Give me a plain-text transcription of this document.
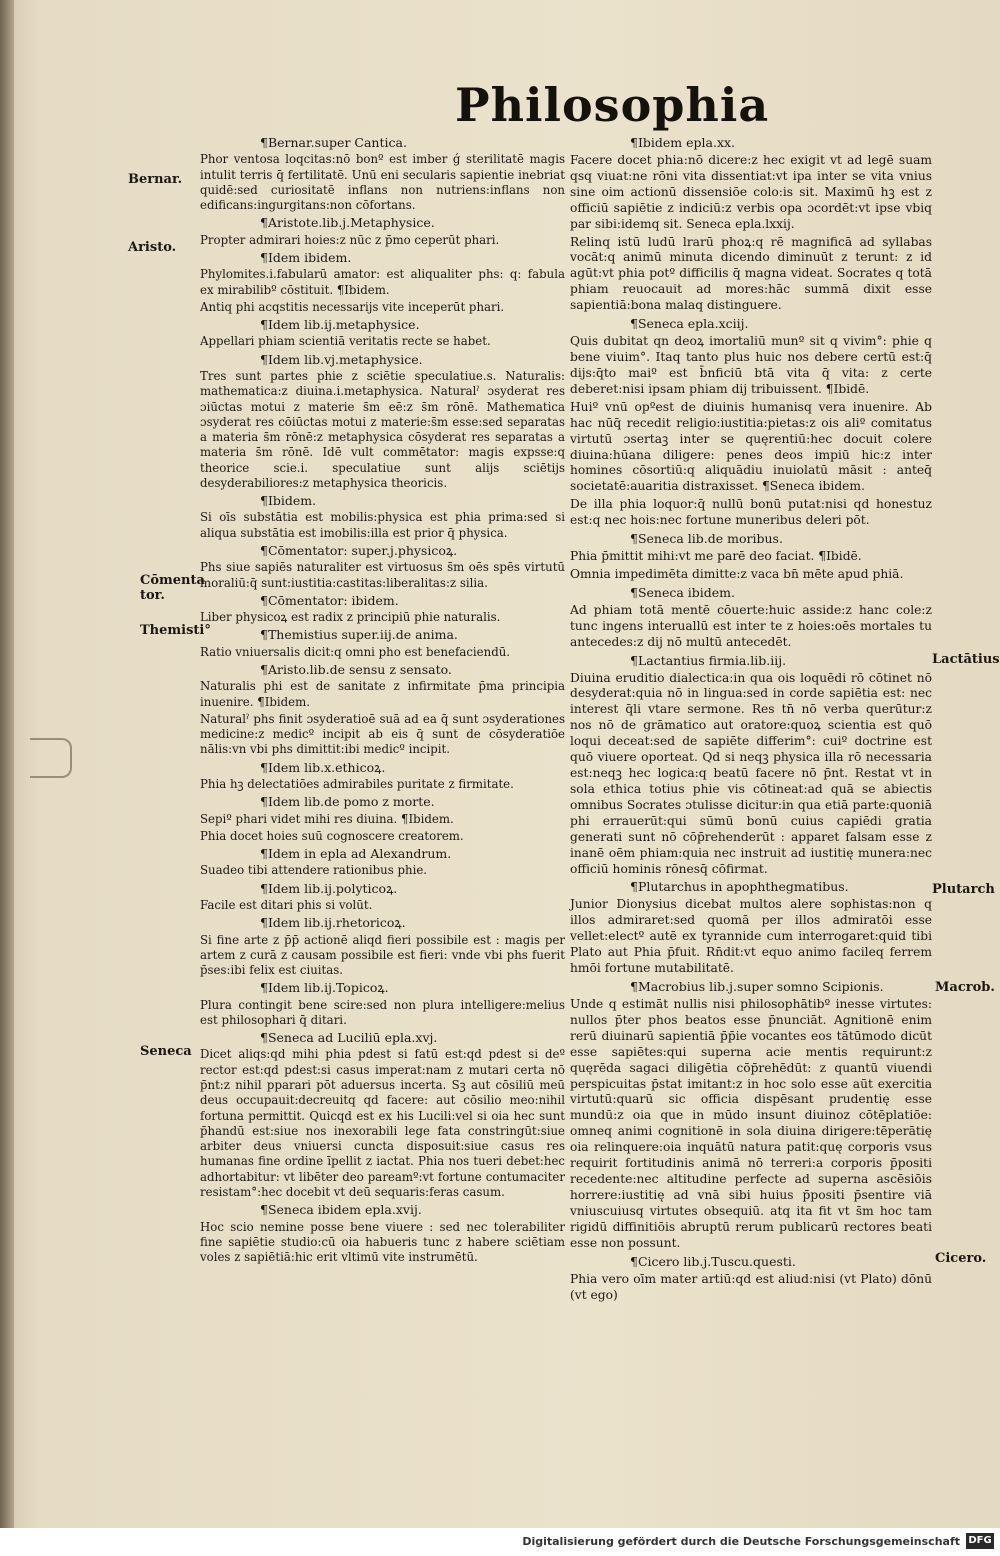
Philosophia
Bernar.
Aristo.
Cōmenta tor.
Themisti°
Seneca
Lactātius
Plutarch
Macrob.
Cicero.

¶Bernar.super Cantica.

Phor ventosa loqcitas:nō bonº est imber ǵ sterilitatē magis intulit terris q̄ fertilitatē. Unū eni secularis sapientie inebriat quidē:sed curiositatē inflans non nutriens:inflans non edificans:ingurgitans:non cōfortans.

¶Aristote.lib.j.Metaphysice.

Propter admirari hoies:z nūc z p̄mo ceperūt phari.

¶Idem ibidem.

Phylomites.i.fabularū amator: est aliqualiter phs: q: fabula ex mirabilibº cōstituit. ¶Ibidem.

Antiq phi acqstitis necessarijs vite inceperūt phari.

¶Idem lib.ij.metaphysice.

Appellari phiam scientiā veritatis recte se habet.

¶Idem lib.vj.metaphysice.

Tres sunt partes phie z sciētie speculatiue.s. Naturalis: mathematica:z diuina.i.metaphysica. Naturalˀ ɔsyderat res ɔiūctas motui z materie s̄m eē:z s̄m rōnē. Mathematica ɔsyderat res cōiūctas motui z materie:s̄m esse:sed separatas a materia s̄m rōnē:z metaphysica cōsyderat res separatas a materia s̄m rōnē. Idē vult commētator: magis expsse:q theorice scie.i. speculatiue sunt alijs sciētijs desyderabiliores:z metaphysica theoricis.

¶Ibidem.

Si oīs substātia est mobilis:physica est phia prima:sed si aliqua substātia est imobilis:illa est prior q̄ physica.

¶Cōmentator: super.j.physicoꝝ.

Phs siue sapiēs naturaliter est virtuosus s̄m oēs spēs virtutū moraliū:q̄ sunt:iustitia:castitas:liberalitas:z silia.

¶Cōmentator: ibidem.

Liber physicoꝝ est radix z principiū phie naturalis.

¶Themistius super.iij.de anima.

Ratio vniuersalis dicit:q omni pho est benefaciendū.

¶Aristo.lib.de sensu z sensato.

Naturalis phi est de sanitate z infirmitate p̄ma principia inuenire. ¶Ibidem.

Naturalˀ phs finit ɔsyderatioē suā ad ea q̄ sunt ɔsyderationes medicine:z medicº incipit ab eis q̄ sunt de cōsyderatiōe nālis:vn vbi phs dimittit:ibi medicº incipit.

¶Idem lib.x.ethicoꝝ.

Phia hꝫ delectatiōes admirabiles puritate z firmitate.

¶Idem lib.de pomo z morte.

Sepiº phari videt mihi res diuina. ¶Ibidem.

Phia docet hoies suū cognoscere creatorem.

¶Idem in epla ad Alexandrum.

Suadeo tibi attendere rationibus phie.

¶Idem lib.ij.polyticoꝝ.

Facile est ditari phis si volūt.

¶Idem lib.ij.rhetoricoꝝ.

Si fine arte z p̄p̄ actionē aliqd fieri possibile est : magis per artem z curā z causam possibile est fieri: vnde vbi phs fuerit p̄ses:ibi felix est ciuitas.

¶Idem lib.ij.Topicoꝝ.

Plura contingit bene scire:sed non plura intelligere:melius est philosophari q̄ ditari.

¶Seneca ad Luciliū epla.xvj.

Dicet aliqs:qd mihi phia pdest si fatū est:qd pdest si deº rector est:qd pdest:si casus imperat:nam z mutari certa nō p̄nt:z nihil pparari pōt aduersus incerta. Sꝫ aut cōsiliū meū deus occupauit:decreuitq qd facere: aut cōsilio meo:nihil fortuna permittit. Quicqd est ex his Lucili:vel si oia hec sunt p̄handū est:siue nos inexorabili lege fata constringūt:siue arbiter deus vniuersi cuncta disposuit:siue casus res humanas fine ordine īpellit z iactat. Phia nos tueri debet:hec adhortabitur: vt libēter deo pareamº:vt fortune contumaciter resistam°:hec docebit vt deū sequaris:feras casum.

¶Seneca ibidem epla.xvij.

Hoc scio nemine posse bene viuere : sed nec tolerabiliter fine sapiētie studio:cū oia habueris tunc z habere sciētiam voles z sapiētiā:hic erit vltimū vite instrumētū.

¶Ibidem epla.xx.

Facere docet phia:nō dicere:z hec exigit vt ad legē suam qsq viuat:ne rōni vita dissentiat:vt ipa inter se vita vnius sine oim actionū dissensiōe colo:is sit. Maximū hꝫ est z officiū sapiētie z indiciū:z verbis opa ɔcordēt:vt ipse vbiq par sibi:idemq sit. Seneca epla.lxxij.

Relinq istū ludū lrarū phoꝝ:q rē magnificā ad syllabas vocāt:q animū minuta dicendo diminuūt z terunt: z id agūt:vt phia potº difficilis q̄ magna videat. Socrates q totā phiam reuocauit ad mores:hāc summā dixit esse sapientiā:bona malaq distinguere.

¶Seneca epla.xciij.

Quis dubitat qn deoꝝ imortaliū munº sit q vivim°: phie q bene viuim°. Itaq tanto plus huic nos debere certū est:q̄ dijs:q̄to maiº est b̄nficiū btā vita q̄ vita: z certe deberet:nisi ipsam phiam dij tribuissent. ¶Ibidē.

Huiº vnū opºest de diuinis humanisq vera inuenire. Ab hac nūq̄ recedit religio:iustitia:pietas:z ois aliº comitatus virtutū ɔsertaꝫ inter se quęrentiū:hec docuit colere diuina:hūana diligere: penes deos impiū hic:z inter homines cōsortiū:q aliquādiu inuiolatū māsit : anteq̄ societatē:auaritia distraxisset. ¶Seneca ibidem.

De illa phia loquor:q̄ nullū bonū putat:nisi qd honestuz est:q nec hois:nec fortune muneribus deleri pōt.

¶Seneca lib.de moribus.

Phia p̄mittit mihi:vt me parē deo faciat. ¶Ibidē.

Omnia impedimēta dimitte:z vaca bn̄ mēte apud phiā.

¶Seneca ibidem.

Ad phiam totā mentē cōuerte:huic asside:z hanc cole:z tunc ingens interuallū est inter te z hoies:oēs mortales tu antecedes:z dij nō multū antecedēt.

¶Lactantius firmia.lib.iij.

Diuina eruditio dialectica:in qua ois loquēdi rō cōtinet nō desyderat:quia nō in lingua:sed in corde sapiētia est: nec interest q̄li vtare sermone. Res tn̄ nō verba querūtur:z nos nō de grāmatico aut oratore:quoꝝ scientia est quō loqui deceat:sed de sapiēte differim°: cuiº doctrine est quō viuere oporteat. Qd si neqꝫ physica illa rō necessaria est:neqꝫ hec logica:q beatū facere nō p̄nt. Restat vt in sola ethica totius phie vis cōtineat:ad quā se abiectis omnibus Socrates ɔtulisse dicitur:in qua etiā parte:quoniā phi errauerūt:qui sūmū bonū cuius capiēdi gratia generati sunt nō cōp̄rehenderūt : apparet falsam esse z inanē oēm phiam:quia nec instruit ad iustitię munera:nec officiū hominis rōnesq̄ cōfirmat.

¶Plutarchus in apophthegmatibus.

Junior Dionysius dicebat multos alere sophistas:non q illos admiraret:sed quomā per illos admiratōi esse vellet:electº autē ex tyrannide cum interrogaret:quid tibi Plato aut Phia p̄fuit. Rn̄dit:vt equo animo facileq ferrem hmōi fortune mutabilitatē.

¶Macrobius lib.j.super somno Scipionis.

Unde q estimāt nullis nisi philosophātibº inesse virtutes: nullos p̄ter phos beatos esse p̄nunciāt. Agnitionē enim rerū diuinarū sapientiā p̄p̄ie vocantes eos tātūmodo dicūt esse sapiētes:qui superna acie mentis requirunt:z quęrēda sagaci diligētia cōp̄rehēdūt: z quantū viuendi perspicuitas p̄stat imitant:z in hoc solo esse aūt exercitia virtutū:quarū sic officia dispēsant prudentię esse mundū:z oia que in mūdo insunt diuinoz cōtēplatiōe: omneq animi cognitionē in sola diuina dirigere:tēperātię oia relinquere:oia inquātū natura patit:quę corporis vsus requirit fortitudinis animā nō terreri:a corporis p̄positi recedente:nec altitudine perfecte ad superna ascēsiōis horrere:iustitię ad vnā sibi huius p̄positi p̄sentire viā vniuscuiusq virtutes obsequiū. atq ita fit vt s̄m hoc tam rigidū diffinitiōis abruptū rerum publicarū rectores beati esse non possunt.

¶Cicero lib.j.Tuscu.questi.

Phia vero oīm mater artiū:qd est aliud:nisi (vt Plato) dōnū (vt ego)

Digitalisierung gefördert durch die Deutsche Forschungsgemeinschaft DFG
